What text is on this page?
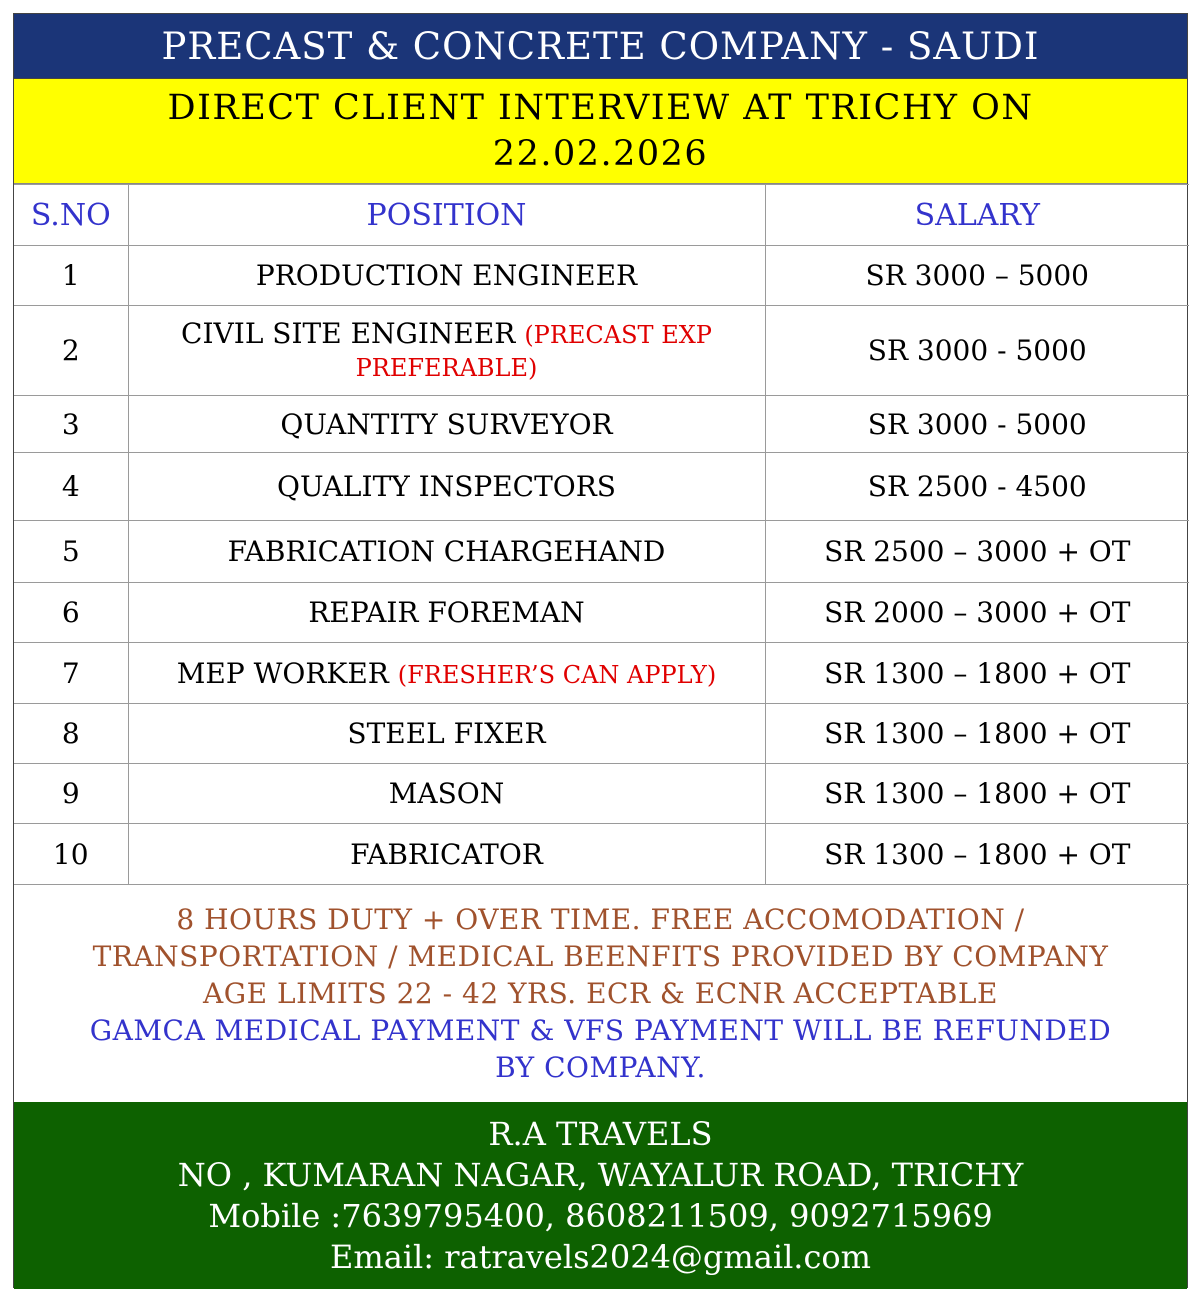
PRECAST & CONCRETE COMPANY - SAUDI
DIRECT CLIENT INTERVIEW AT TRICHY ON
22.02.2026
S.NO	POSITION	SALARY
1	PRODUCTION ENGINEER	SR 3000 – 5000
2	CIVIL SITE ENGINEER (PRECAST EXP PREFERABLE)	SR 3000 - 5000
3	QUANTITY SURVEYOR	SR 3000 - 5000
4	QUALITY INSPECTORS	SR 2500 - 4500
5	FABRICATION CHARGEHAND	SR 2500 – 3000 + OT
6	REPAIR FOREMAN	SR 2000 – 3000 + OT
7	MEP WORKER (FRESHER’S CAN APPLY)	SR 1300 – 1800 + OT
8	STEEL FIXER	SR 1300 – 1800 + OT
9	MASON	SR 1300 – 1800 + OT
10	FABRICATOR	SR 1300 – 1800 + OT
8 HOURS DUTY + OVER TIME. FREE ACCOMODATION /
TRANSPORTATION / MEDICAL BEENFITS PROVIDED BY COMPANY
AGE LIMITS 22 - 42 YRS. ECR & ECNR ACCEPTABLE
GAMCA MEDICAL PAYMENT & VFS PAYMENT WILL BE REFUNDED
BY COMPANY.
R.A TRAVELS
NO , KUMARAN NAGAR, WAYALUR ROAD, TRICHY
Mobile :7639795400, 8608211509, 9092715969
Email: ratravels2024@gmail.com
